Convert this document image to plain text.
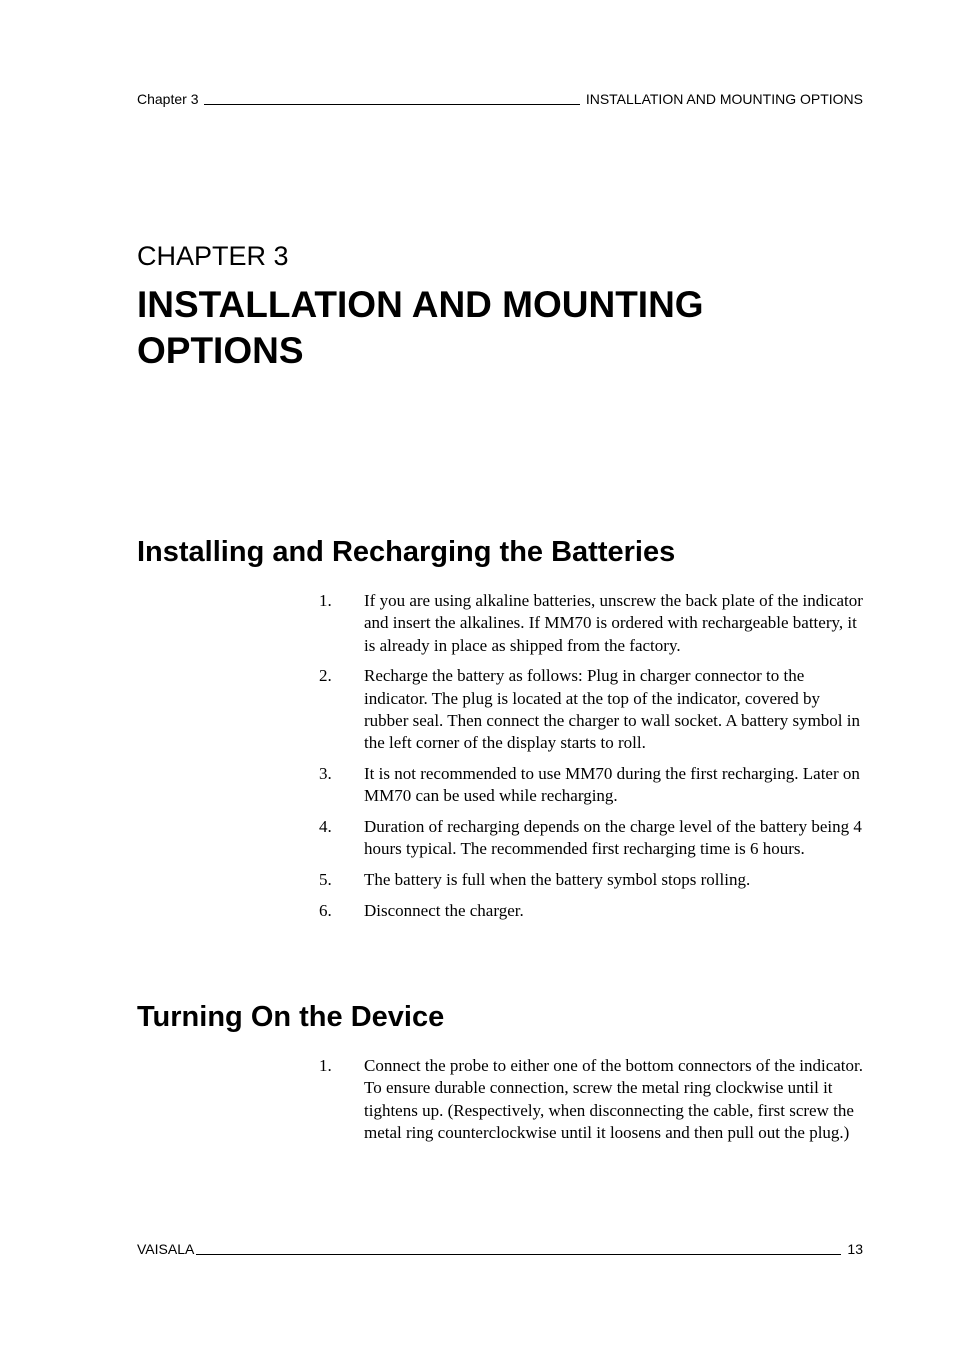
Chapter 3	INSTALLATION AND MOUNTING OPTIONS
CHAPTER 3
INSTALLATION AND MOUNTING OPTIONS
Installing and Recharging the Batteries
1.	If you are using alkaline batteries, unscrew the back plate of the indicator and insert the alkalines. If MM70 is ordered with rechargeable battery, it is already in place as shipped from the factory.
2.	Recharge the battery as follows: Plug in charger connector to the indicator. The plug is located at the top of the indicator, covered by rubber seal. Then connect the charger to wall socket. A battery symbol in the left corner of the display starts to roll.
3.	It is not recommended to use MM70 during the first recharging. Later on MM70 can be used while recharging.
4.	Duration of recharging depends on the charge level of the battery being 4 hours typical. The recommended first recharging time is 6 hours.
5.	The battery is full when the battery symbol stops rolling.
6.	Disconnect the charger.
Turning On the Device
1.	Connect the probe to either one of the bottom connectors of the indicator. To ensure durable connection, screw the metal ring clockwise until it tightens up. (Respectively, when disconnecting the cable, first screw the metal ring counterclockwise until it loosens and then pull out the plug.)
VAISALA	13
